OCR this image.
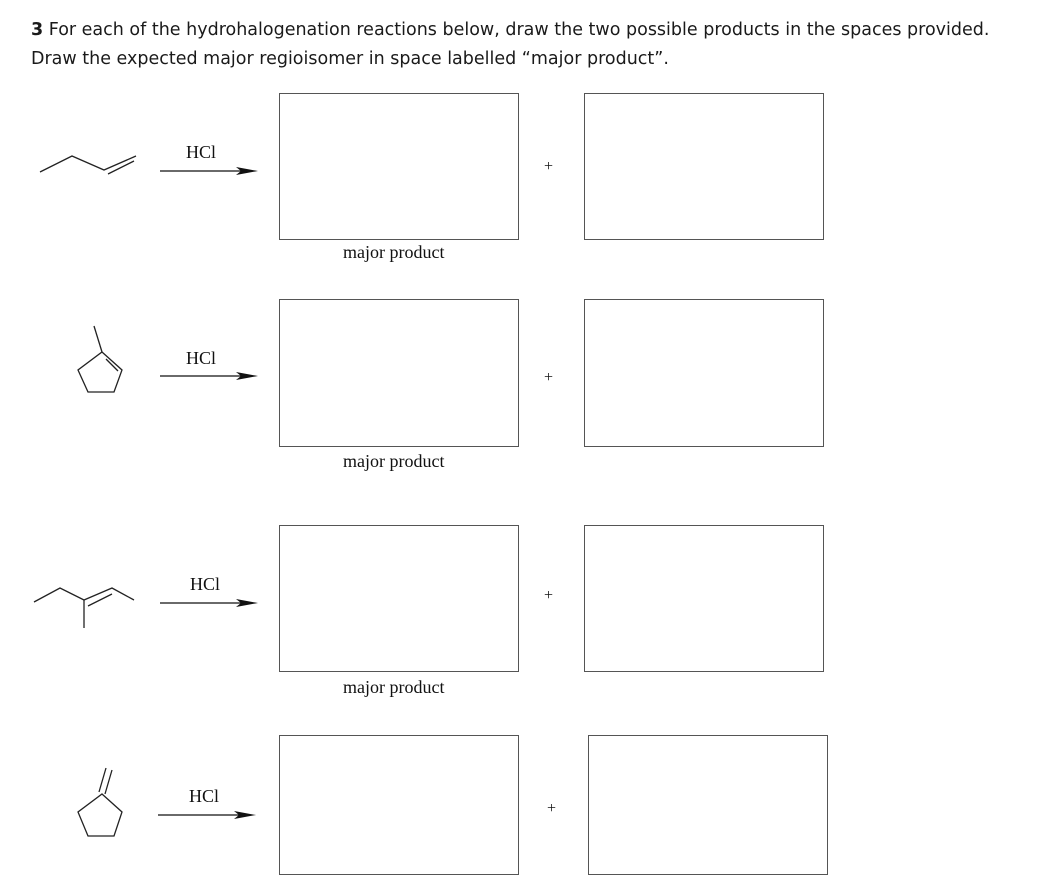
3 For each of the hydrohalogenation reactions below, draw the two possible products in the spaces provided. Draw the expected major regioisomer in space labelled “major product”.
HCl
+
major product
HCl
+
major product
HCl
+
major product
HCl
+
